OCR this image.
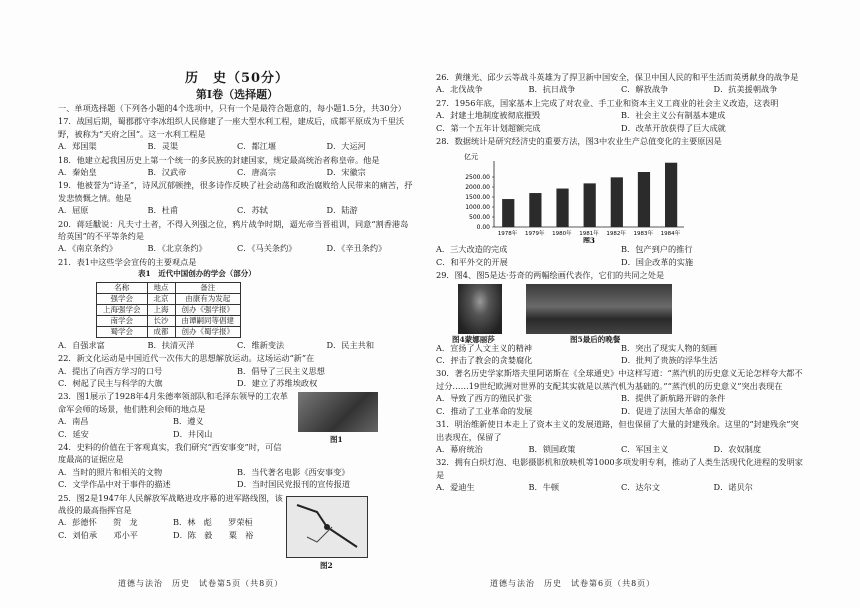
历　史（50分）
第Ⅰ卷（选择题）
一、单项选择题（下列各小题的4个选项中，只有一个是最符合题意的，每小题1.5分，共30分）
17．战国后期，蜀郡郡守李冰组织人民修建了一座大型水利工程，建成后，成都平原成为千里沃野，被称为“天府之国”。这一水利工程是
A．郑国渠	B．灵渠	C．都江堰	D．大运河
18．他建立起我国历史上第一个统一的多民族的封建国家，规定最高统治者称皇帝。他是
A．秦始皇	B．汉武帝	C．唐高宗	D．宋徽宗
19．他被誉为“诗圣”，诗风沉郁顿挫，很多诗作反映了社会动荡和政治腐败给人民带来的痛苦，抒发悲愤慨之情。他是
A．屈原	B．杜甫	C．苏轼	D．陆游
20．蒋廷黻说：凡夫寸土者，不得入列强之位，鸦片战争时期，逼光帝当晋祖训，同意“割香港岛给英国”的不平等条约是
A．《南京条约》	B．《北京条约》	C．《马关条约》	D．《辛丑条约》
21．表1中这些学会宣传的主要观点是
表1　近代中国创办的学会（部分）
名称	地点	备注
强学会	北京	由康有为发起
上海强学会	上海	创办《强学报》
南学会	长沙	由谭嗣同等倡建
蜀学会	成都	创办《蜀学报》
A．自强求富	B．扶清灭洋	C．维新变法	D．民主共和
22．新文化运动是中国近代一次伟大的思想解放运动。这场运动“新”在
A．提出了向西方学习的口号	B．倡导了三民主义思想
C．树起了民主与科学的大旗	D．建立了苏维埃政权
23．图1展示了1928年4月朱德率领部队和毛泽东领导的工农革命军会师的场景，他们胜利会师的地点是
A．南昌	B．遵义
C．延安	D．井冈山
图1
24．史料的价值在于客观真实，我们研究“西安事变”时，可信度最高的证据应是
A．当时的照片和相关的文物	B．当代著名电影《西安事变》
C．文学作品中对于事件的描述	D．当时国民党报刊的宣传报道
25．图2是1947年人民解放军战略进攻序幕的进军路线图，该战役的最高指挥官是
A．彭德怀　　贺　龙	B．林　彪　　罗荣桓
C．刘伯承　　邓小平	D．陈　毅　　粟　裕
图2
26．黄继光、邱少云等战斗英雄为了捍卫新中国安全，保卫中国人民的和平生活而英勇献身的战争是
A．北伐战争	B．抗日战争	C．解放战争	D．抗美援朝战争
27．1956年底，国家基本上完成了对农业、手工业和资本主义工商业的社会主义改造，这表明
A．封建土地制度被彻底摧毁	B．社会主义公有制基本建成
C．第一个五年计划超额完成	D．改革开放获得了巨大成就
28．数据统计是研究经济史的重要方法，图3中农业生产总值变化的主要原因是
亿元
0.00
500.00
1000.00
1500.00
2000.00
2500.00
1978年 1979年 1980年 1981年 1982年 1983年 1984年
图3
A．三大改造的完成	B．包产到户的推行
C．和平外交的开展	D．国企改革的实施
29．图4、图5是达·芬奇的两幅绘画代表作，它们的共同之处是
图4蒙娜丽莎	图5最后的晚餐
A．宣扬了人文主义的精神	B．突出了现实人物的刻画
C．抨击了教会的贪婪腐化	D．批判了贵族的浮华生活
30．著名历史学家斯塔夫里阿诺斯在《全球通史》中这样写道：“蒸汽机的历史意义无论怎样夸大都不过分……19世纪欧洲对世界的支配其实就是以蒸汽机为基础的。”“蒸汽机的历史意义”突出表现在
A．导致了西方的殖民扩张	B．提供了新航路开辟的条件
C．推动了工业革命的发展	D．促进了法国大革命的爆发
31．明治维新使日本走上了资本主义的发展道路，但也保留了大量的封建残余。这里的“封建残余”突出表现在，保留了
A．幕府统治	B．锁国政策	C．军国主义	D．农奴制度
32．拥有白炽灯泡、电影摄影机和放映机等1000多项发明专利，推动了人类生活现代化进程的发明家是
A．爱迪生	B．牛顿	C．达尔文	D．诺贝尔
道德与法治　历史　试卷第5页（共8页）	道德与法治　历史　试卷第6页（共8页）
